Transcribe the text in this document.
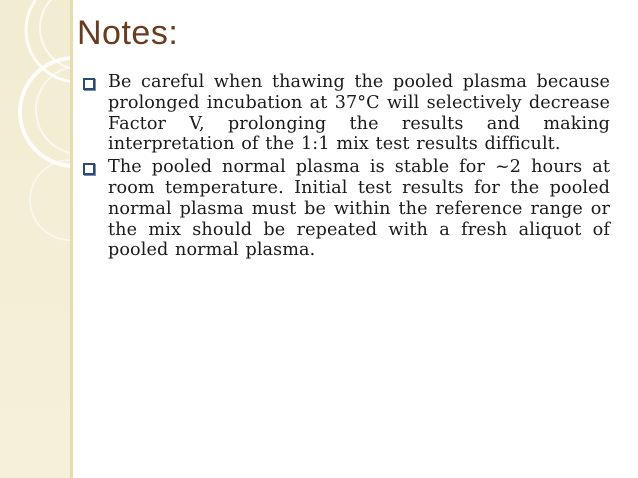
Notes:
Be careful when thawing the pooled plasma because prolonged incubation at 37°C will selectively decrease Factor V, prolonging the results and making interpretation of the 1:1 mix test results difficult.
The pooled normal plasma is stable for ~2 hours at room temperature. Initial test results for the pooled normal plasma must be within the reference range or the mix should be repeated with a fresh aliquot of pooled normal plasma.
